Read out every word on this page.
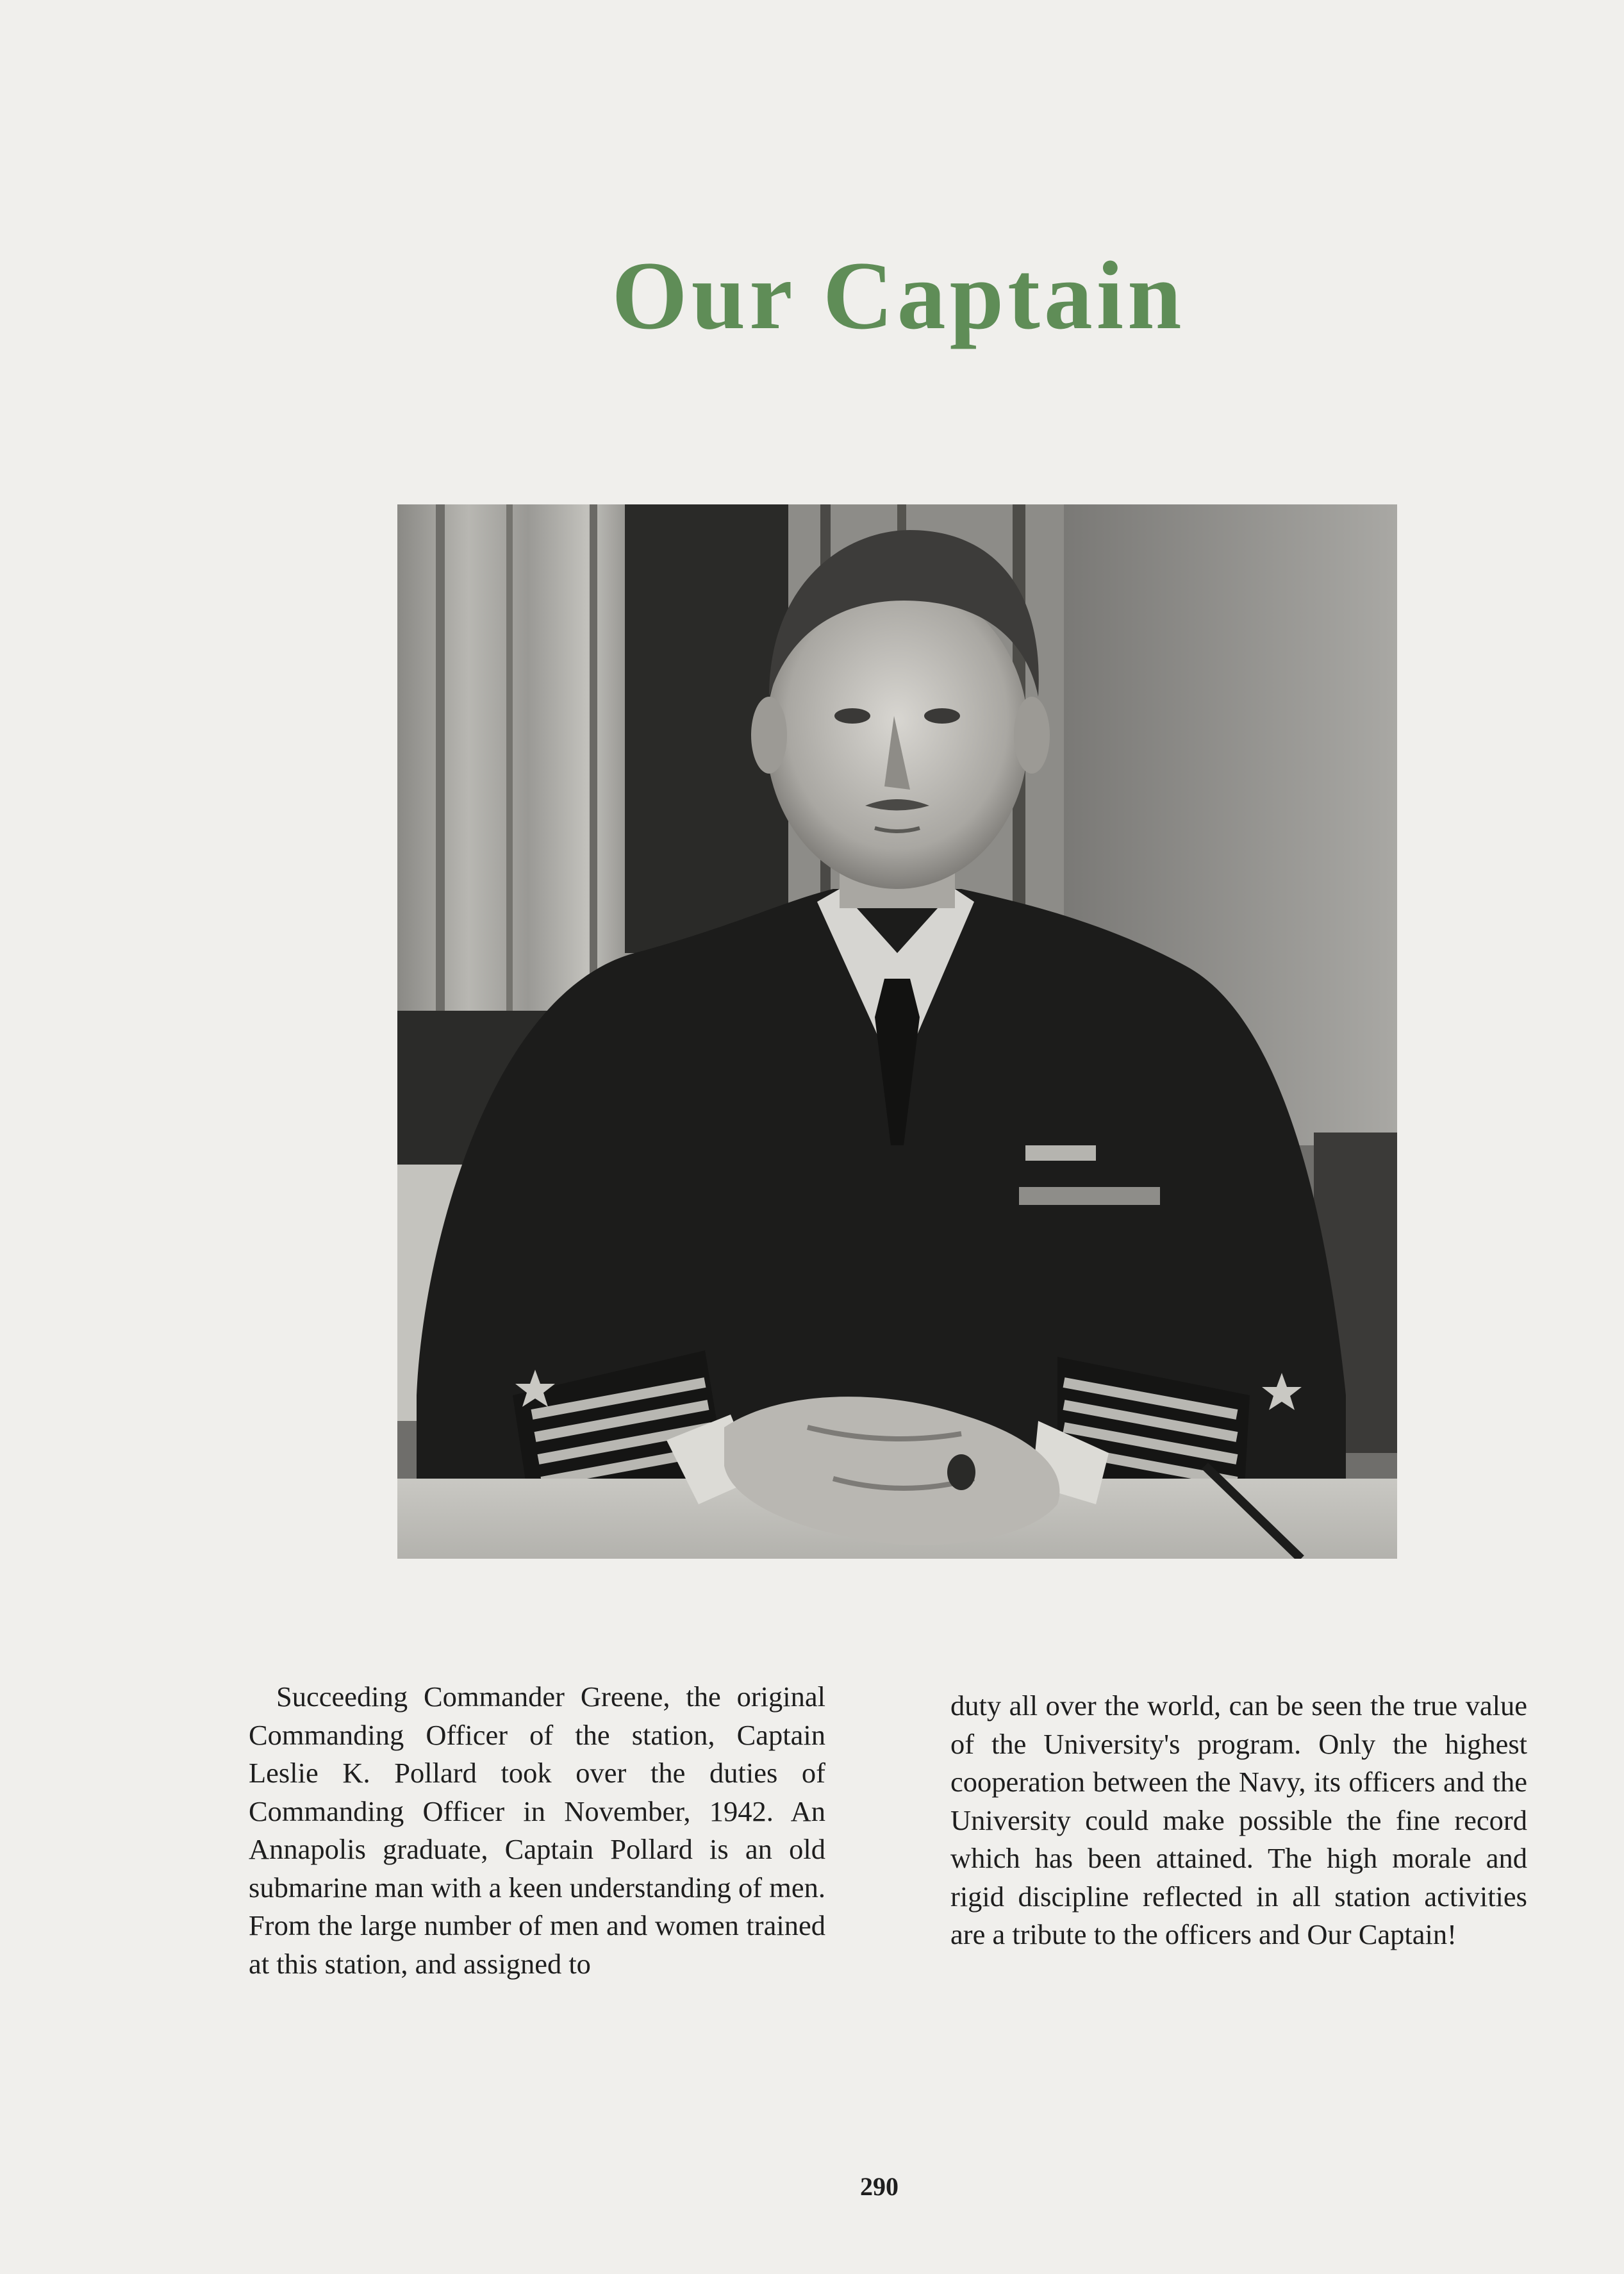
Our Captain
Succeeding Commander Greene, the original Commanding Officer of the station, Captain Leslie K. Pollard took over the duties of Commanding Officer in November, 1942. An Annapolis graduate, Captain Pollard is an old submarine man with a keen understanding of men. From the large number of men and women trained at this station, and assigned to
duty all over the world, can be seen the true value of the University's program. Only the highest cooperation between the Navy, its officers and the University could make possible the fine record which has been attained. The high morale and rigid discipline reflected in all station activities are a tribute to the officers and Our Captain!
290
